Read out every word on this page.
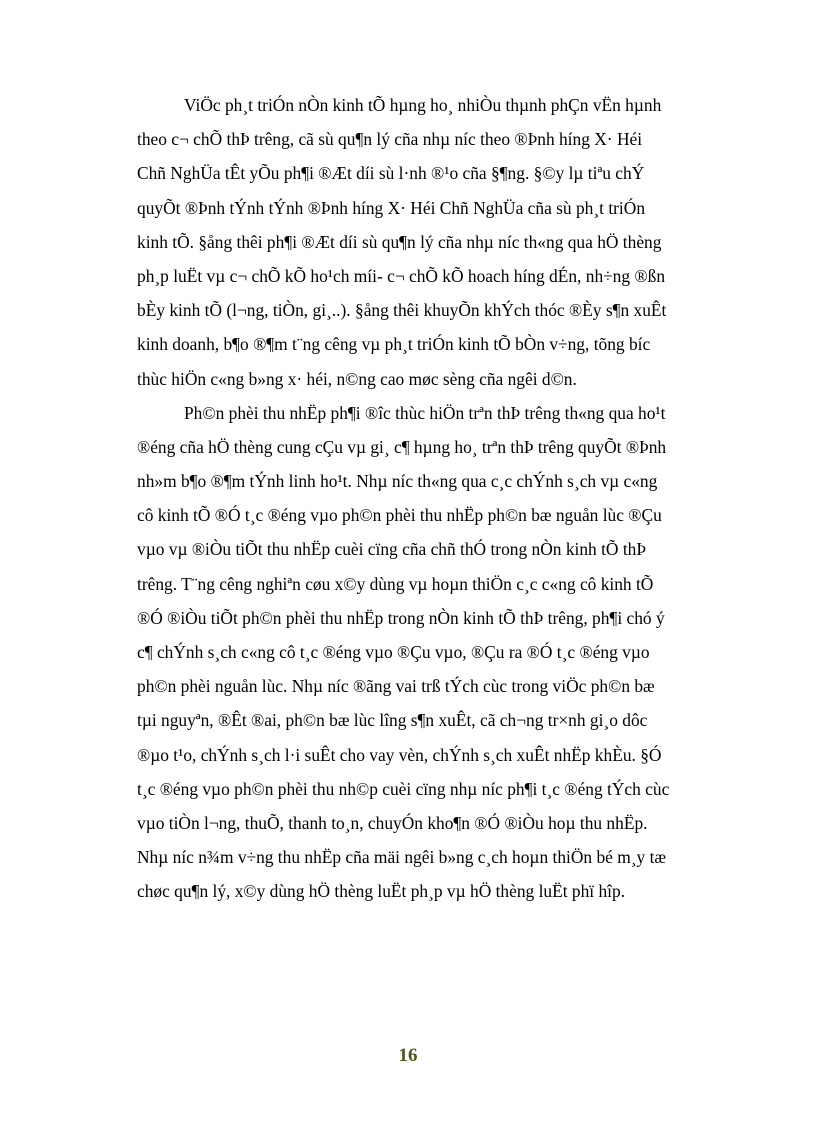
ViÖc ph¸t triÓn nÒn kinh tÕ hµng ho¸ nhiÒu thµnh phÇn vËn hµnh
theo c¬ chÕ thÞ trêng, cã sù qu¶n lý cña nhµ níc theo ®Þnh híng X· Héi
Chñ NghÜa tÊt yÕu ph¶i ®Æt díi sù l·nh ®¹o cña §¶ng. §©y lµ tiªu chÝ
quyÕt ®Þnh tÝnh tÝnh ®Þnh híng X· Héi Chñ NghÜa cña sù ph¸t triÓn
kinh tÕ. §ång thêi ph¶i ®Æt díi sù qu¶n lý cña nhµ níc th«ng qua hÖ thèng
ph¸p luËt vµ c¬ chÕ kÕ ho¹ch míi- c¬ chÕ kÕ hoach híng dÉn, nh÷ng ®ßn
bÈy kinh tÕ (l¬ng, tiÒn, gi¸..). §ång thêi khuyÕn khÝch thóc ®Èy s¶n xuÊt
kinh doanh, b¶o ®¶m t¨ng cêng vµ ph¸t triÓn kinh tÕ bÒn v÷ng, tõng bíc
thùc hiÖn c«ng b»ng x· héi, n©ng cao møc sèng cña ngêi d©n.
Ph©n phèi thu nhËp ph¶i ®îc thùc hiÖn trªn thÞ trêng th«ng qua ho¹t
®éng cña hÖ thèng cung cÇu vµ gi¸ c¶ hµng ho¸ trªn thÞ trêng quyÕt ®Þnh
nh»m b¶o ®¶m tÝnh linh ho¹t. Nhµ níc th«ng qua c¸c chÝnh s¸ch vµ c«ng
cô kinh tÕ ®Ó t¸c ®éng vµo ph©n phèi thu nhËp ph©n bæ nguån lùc ®Çu
vµo vµ ®iÒu tiÕt thu nhËp cuèi cïng cña chñ thÓ trong nÒn kinh tÕ thÞ
trêng. T¨ng cêng nghiªn cøu x©y dùng vµ hoµn thiÖn c¸c c«ng cô kinh tÕ
®Ó ®iÒu tiÕt ph©n phèi thu nhËp trong nÒn kinh tÕ thÞ trêng, ph¶i chó ý
c¶ chÝnh s¸ch c«ng cô t¸c ®éng vµo ®Çu vµo, ®Çu ra ®Ó t¸c ®éng vµo
ph©n phèi nguån lùc. Nhµ níc ®ãng vai trß tÝch cùc trong viÖc ph©n bæ
tµi nguyªn, ®Êt ®ai, ph©n bæ lùc lîng s¶n xuÊt, cã ch¬ng tr×nh gi¸o dôc
®µo t¹o, chÝnh s¸ch l·i suÊt cho vay vèn, chÝnh s¸ch xuÊt nhËp khÈu. §Ó
t¸c ®éng vµo ph©n phèi thu nh©p cuèi cïng nhµ níc ph¶i t¸c ®éng tÝch cùc
vµo tiÒn l¬ng, thuÕ, thanh to¸n, chuyÓn kho¶n ®Ó ®iÒu hoµ thu nhËp.
Nhµ níc n¾m v÷ng thu nhËp cña mäi ngêi b»ng c¸ch hoµn thiÖn bé m¸y tæ
chøc qu¶n lý, x©y dùng hÖ thèng luËt ph¸p vµ hÖ thèng luËt phï hîp.
16
